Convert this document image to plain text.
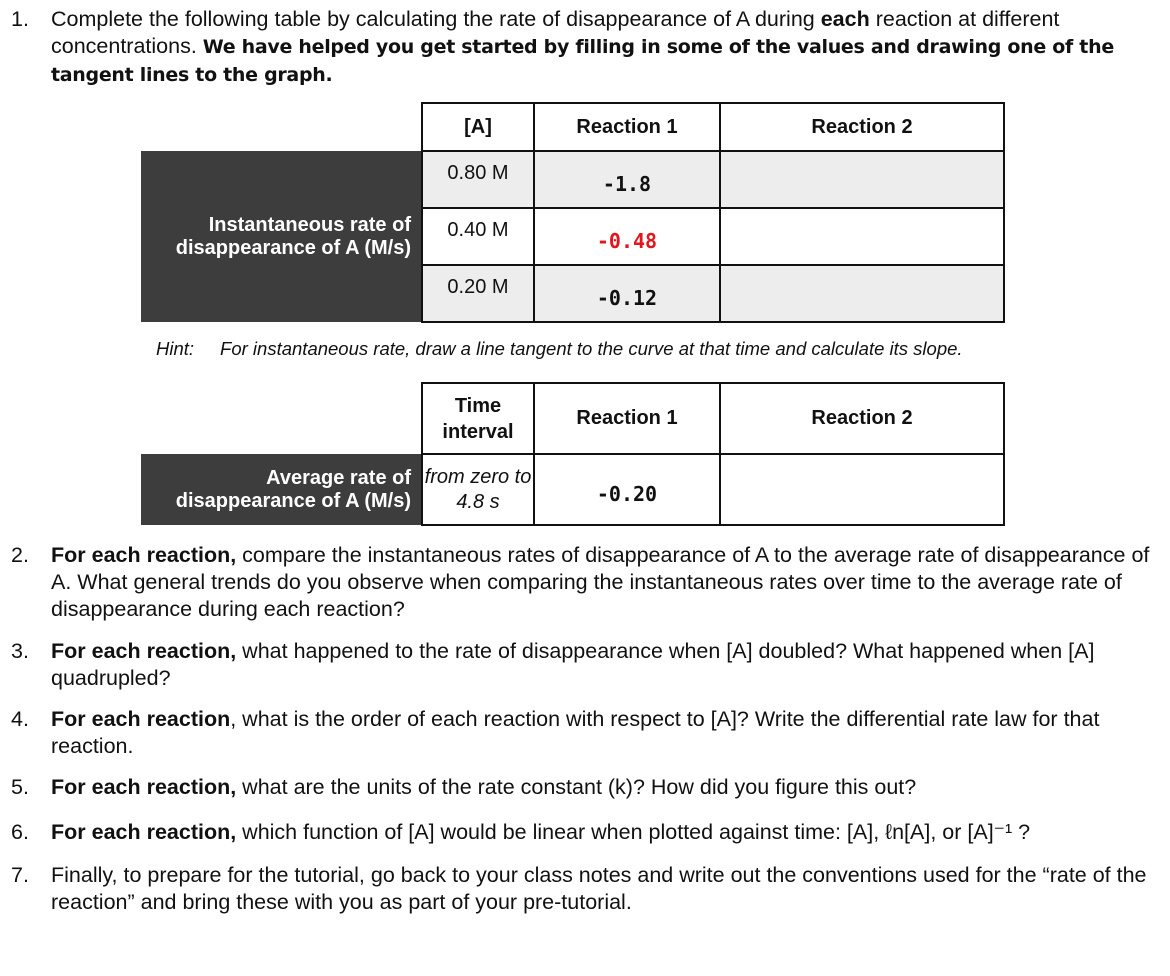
1. Complete the following table by calculating the rate of disappearance of A during each reaction at different concentrations. We have helped you get started by filling in some of the values and drawing one of the tangent lines to the graph.
	[A]	Reaction 1	Reaction 2
Instantaneous rate of disappearance of A (M/s)	0.80 M	-1.8	
	0.40 M	-0.48	
	0.20 M	-0.12	
Hint: For instantaneous rate, draw a line tangent to the curve at that time and calculate its slope.
	Time interval	Reaction 1	Reaction 2
Average rate of disappearance of A (M/s)	from zero to 4.8 s	-0.20	
2. For each reaction, compare the instantaneous rates of disappearance of A to the average rate of disappearance of A. What general trends do you observe when comparing the instantaneous rates over time to the average rate of disappearance during each reaction?
3. For each reaction, what happened to the rate of disappearance when [A] doubled? What happened when [A] quadrupled?
4. For each reaction, what is the order of each reaction with respect to [A]? Write the differential rate law for that reaction.
5. For each reaction, what are the units of the rate constant (k)? How did you figure this out?
6. For each reaction, which function of [A] would be linear when plotted against time: [A], ℓn[A], or [A]⁻¹ ?
7. Finally, to prepare for the tutorial, go back to your class notes and write out the conventions used for the “rate of the reaction” and bring these with you as part of your pre-tutorial.
